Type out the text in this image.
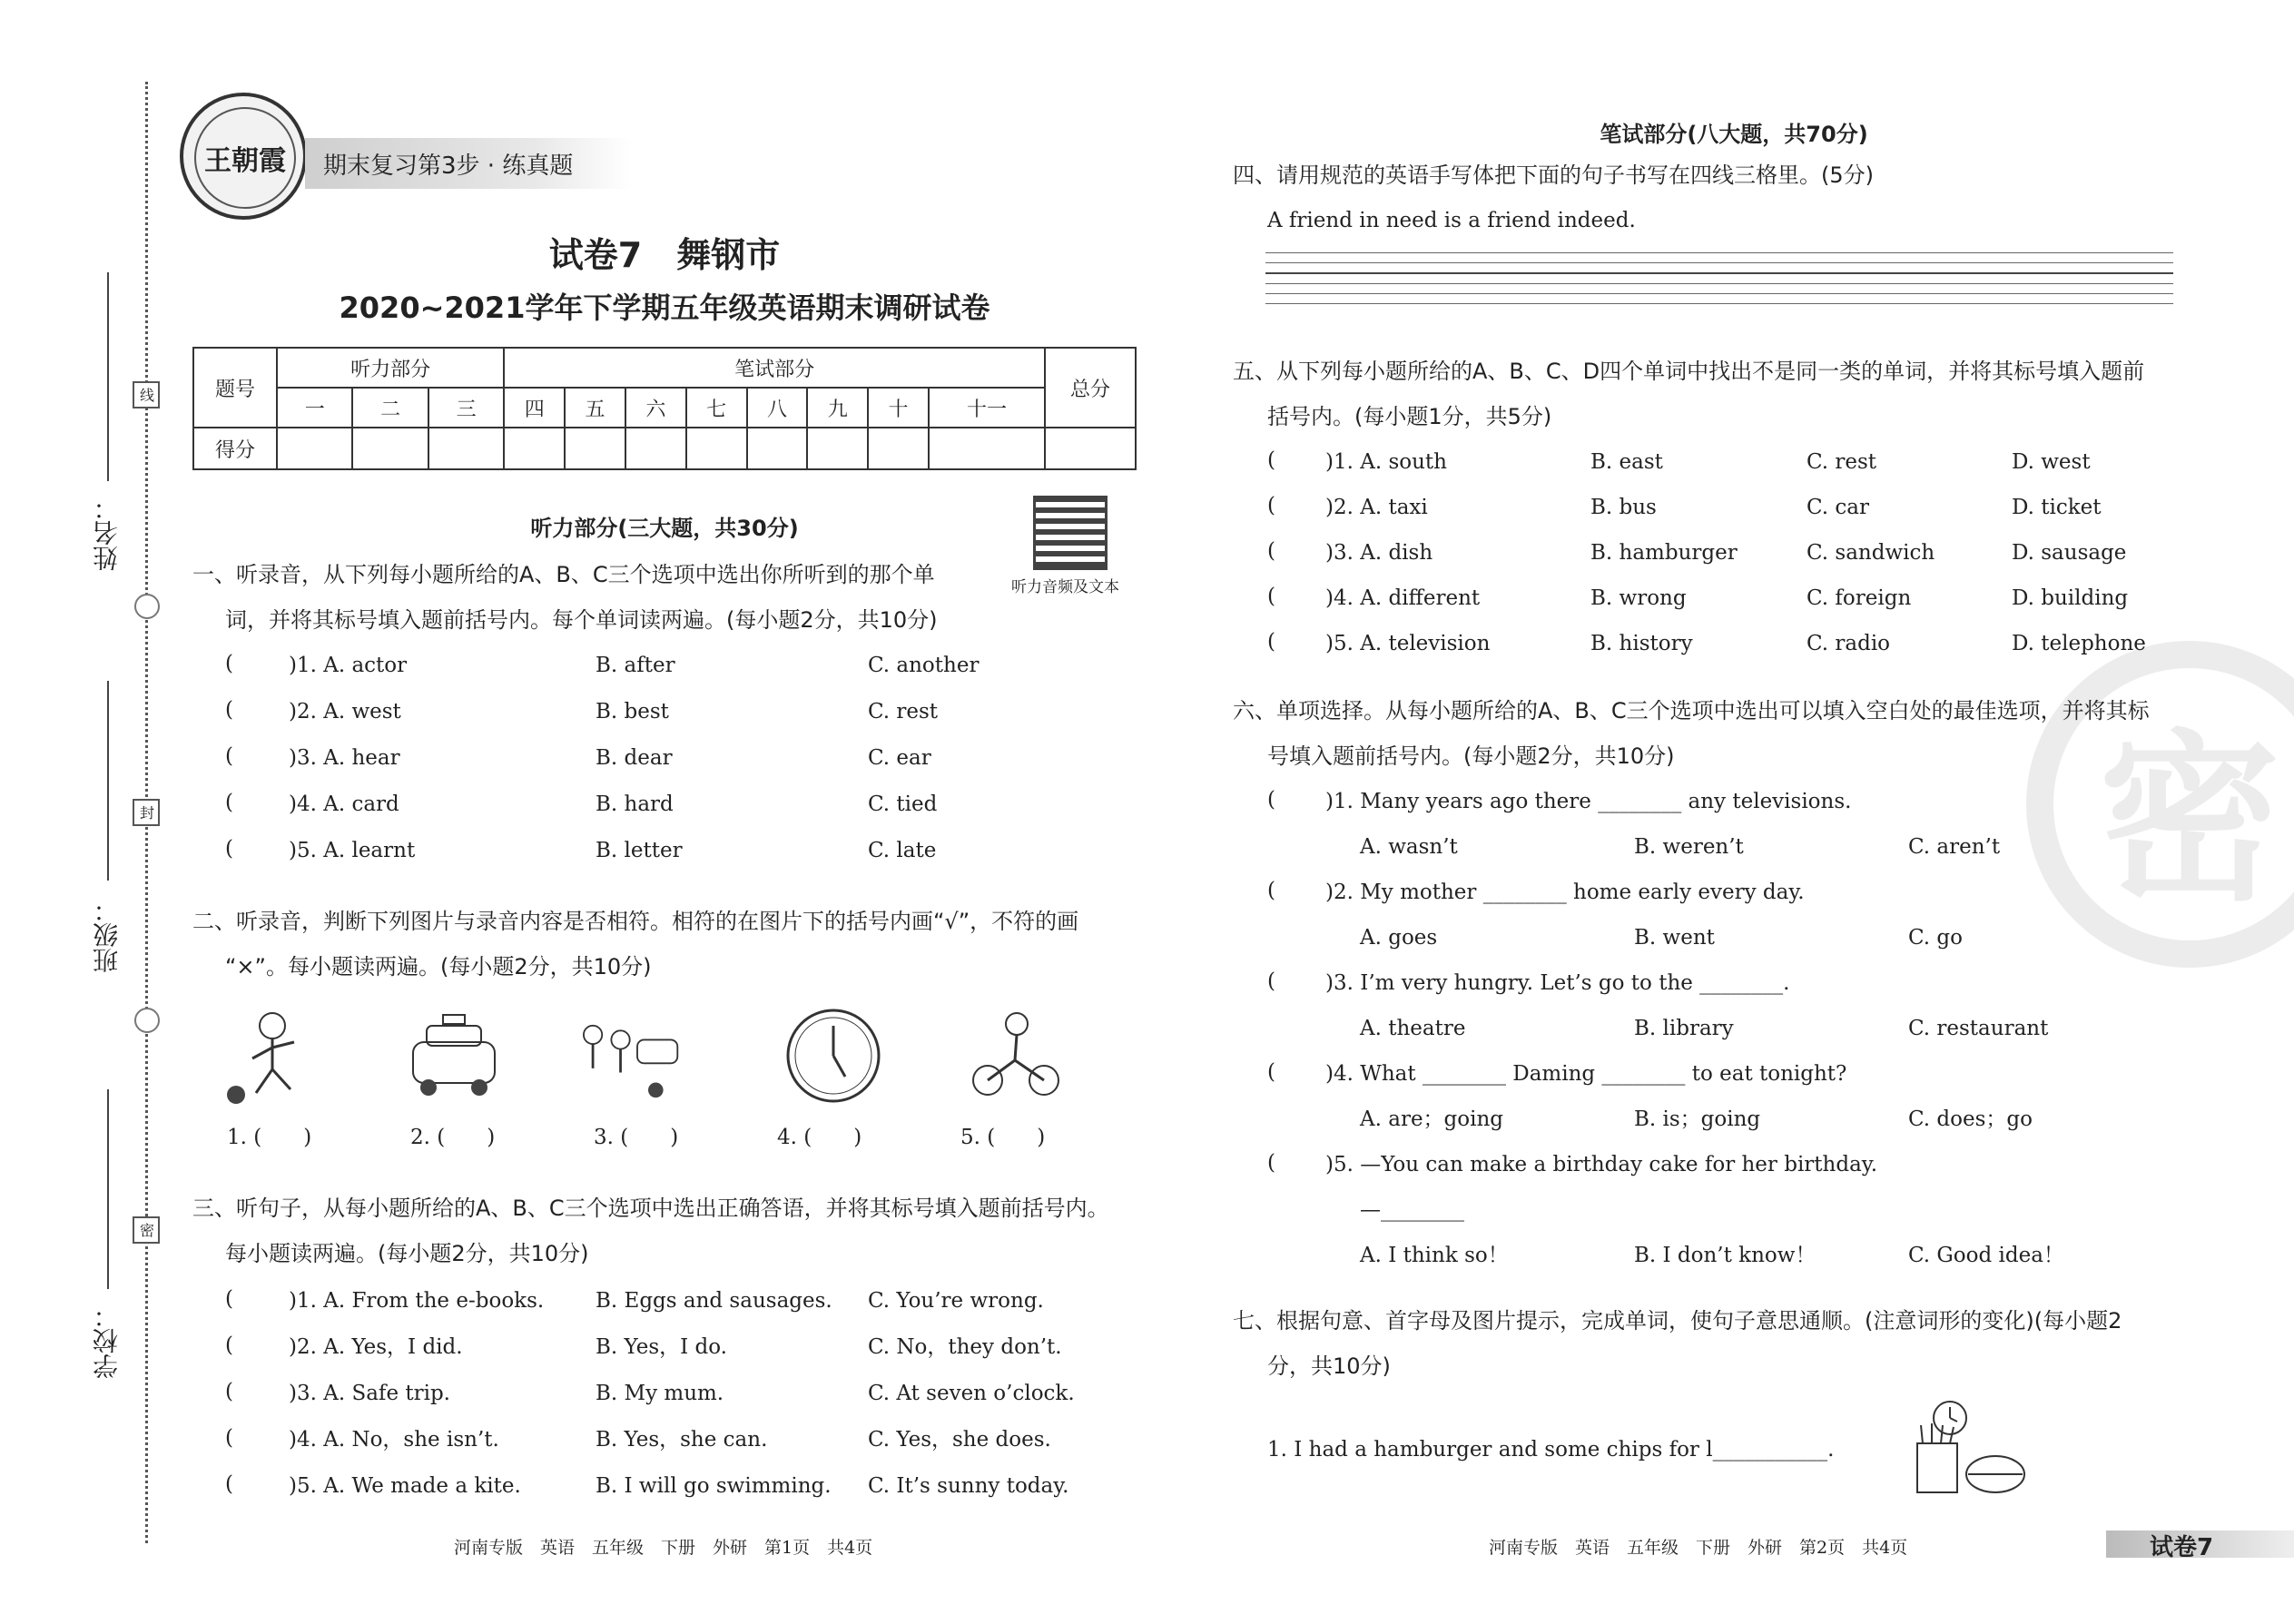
线
封
密
姓名：
班级：
学校：
王朝霞	期末复习第3步 · 练真题
试卷7　舞钢市
2020~2021学年下学期五年级英语期末调研试卷
题号	听力部分			笔试部分								总分
	一	二	三	四	五	六	七	八	九	十	十一	
得分												
听力部分(三大题，共30分)
听力音频及文本
一、听录音，从下列每小题所给的A、B、C三个选项中选出你所听到的那个单
词，并将其标号填入题前括号内。每个单词读两遍。(每小题2分，共10分)
(	)1. A. actor	B. after	C. another
(	)2. A. west	B. best	C. rest
(	)3. A. hear	B. dear	C. ear
(	)4. A. card	B. hard	C. tied
(	)5. A. learnt	B. letter	C. late
二、听录音，判断下列图片与录音内容是否相符。相符的在图片下的括号内画“√”，不符的画
“×”。每小题读两遍。(每小题2分，共10分)
1. (　　)	2. (　　)	3. (　　)	4. (　　)	5. (　　)
三、听句子，从每小题所给的A、B、C三个选项中选出正确答语，并将其标号填入题前括号内。
每小题读两遍。(每小题2分，共10分)
(	)1. A. From the e-books. B. Eggs and sausages. C. You’re wrong.
(	)2. A. Yes，I did.	B. Yes，I do.	C. No，they don’t.
(	)3. A. Safe trip.	B. My mum.	C. At seven o’clock.
(	)4. A. No，she isn’t.	B. Yes，she can.	C. Yes，she does.
(	)5. A. We made a kite.	B. I will go swimming. C. It’s sunny today.
河南专版　英语　五年级　下册　外研　第1页　共4页
密
笔试部分(八大题，共70分)
四、请用规范的英语手写体把下面的句子书写在四线三格里。(5分)
A friend in need is a friend indeed.
五、从下列每小题所给的A、B、C、D四个单词中找出不是同一类的单词，并将其标号填入题前
括号内。(每小题1分，共5分)
( )1. A. south	B. east	C. rest	D. west
( )2. A. taxi	B. bus	C. car	D. ticket
( )3. A. dish	B. hamburger	C. sandwich	D. sausage
( )4. A. different	B. wrong	C. foreign	D. building
( )5. A. television	B. history	C. radio	D. telephone
六、单项选择。从每小题所给的A、B、C三个选项中选出可以填入空白处的最佳选项，并将其标
号填入题前括号内。(每小题2分，共10分)
( )1. Many years ago there ________ any televisions.
A. wasn’t	B. weren’t	C. aren’t
( )2. My mother ________ home early every day.
A. goes	B. went	C. go
( )3. I’m very hungry. Let’s go to the ________.
A. theatre	B. library	C. restaurant
( )4. What ________ Daming ________ to eat tonight?
A. are；going	B. is；going	C. does；go
( )5. —You can make a birthday cake for her birthday.
—________
A. I think so！	B. I don’t know！	C. Good idea！
七、根据句意、首字母及图片提示，完成单词，使句子意思通顺。(注意词形的变化)(每小题2
分，共10分)
1. I had a hamburger and some chips for l___________.
河南专版　英语　五年级　下册　外研　第2页　共4页	试卷7
